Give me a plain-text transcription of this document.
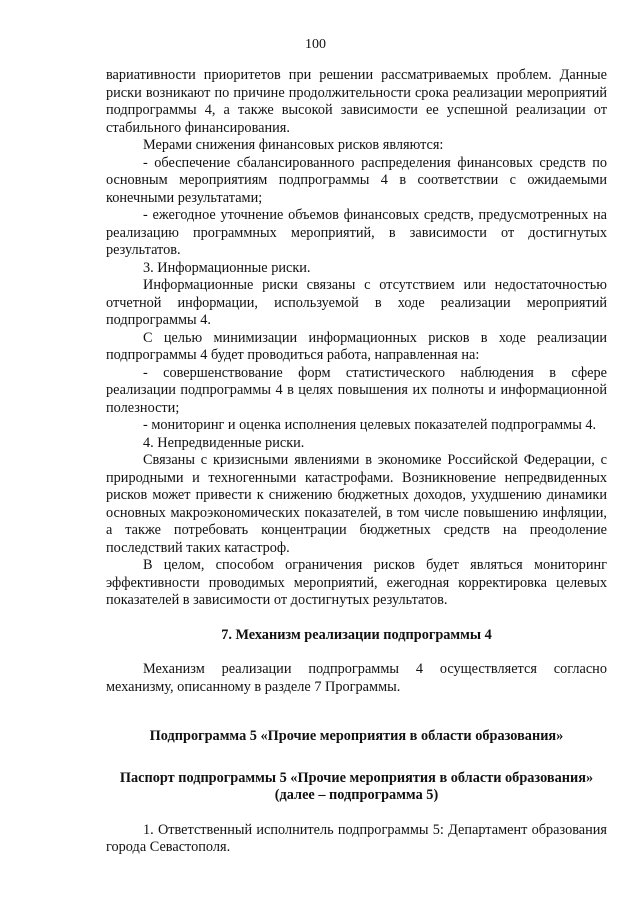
100

вариативности приоритетов при решении рассматриваемых проблем. Данные риски возникают по причине продолжительности срока реализации мероприятий подпрограммы 4, а также высокой зависимости ее успешной реализации от стабильного финансирования.

Мерами снижения финансовых рисков являются:

- обеспечение сбалансированного распределения финансовых средств по основным мероприятиям подпрограммы 4 в соответствии с ожидаемыми конечными результатами;

- ежегодное уточнение объемов финансовых средств, предусмотренных на реализацию программных мероприятий, в зависимости от достигнутых результатов.

3. Информационные риски.

Информационные риски связаны с отсутствием или недостаточностью отчетной информации, используемой в ходе реализации мероприятий подпрограммы 4.

С целью минимизации информационных рисков в ходе реализации подпрограммы 4 будет проводиться работа, направленная на:

- совершенствование форм статистического наблюдения в сфере реализации подпрограммы 4 в целях повышения их полноты и информационной полезности;

- мониторинг и оценка исполнения целевых показателей подпрограммы 4.

4. Непредвиденные риски.

Связаны с кризисными явлениями в экономике Российской Федерации, с природными и техногенными катастрофами. Возникновение непредвиденных рисков может привести к снижению бюджетных доходов, ухудшению динамики основных макроэкономических показателей, в том числе повышению инфляции, а также потребовать концентрации бюджетных средств на преодоление последствий таких катастроф.

В целом, способом ограничения рисков будет являться мониторинг эффективности проводимых мероприятий, ежегодная корректировка целевых показателей в зависимости от достигнутых результатов.

7. Механизм реализации подпрограммы 4

Механизм реализации подпрограммы 4 осуществляется согласно механизму, описанному в разделе 7 Программы.

Подпрограмма 5 «Прочие мероприятия в области образования»

Паспорт подпрограммы 5 «Прочие мероприятия в области образования»

(далее – подпрограмма 5)

1. Ответственный исполнитель подпрограммы 5: Департамент образования города Севастополя.
